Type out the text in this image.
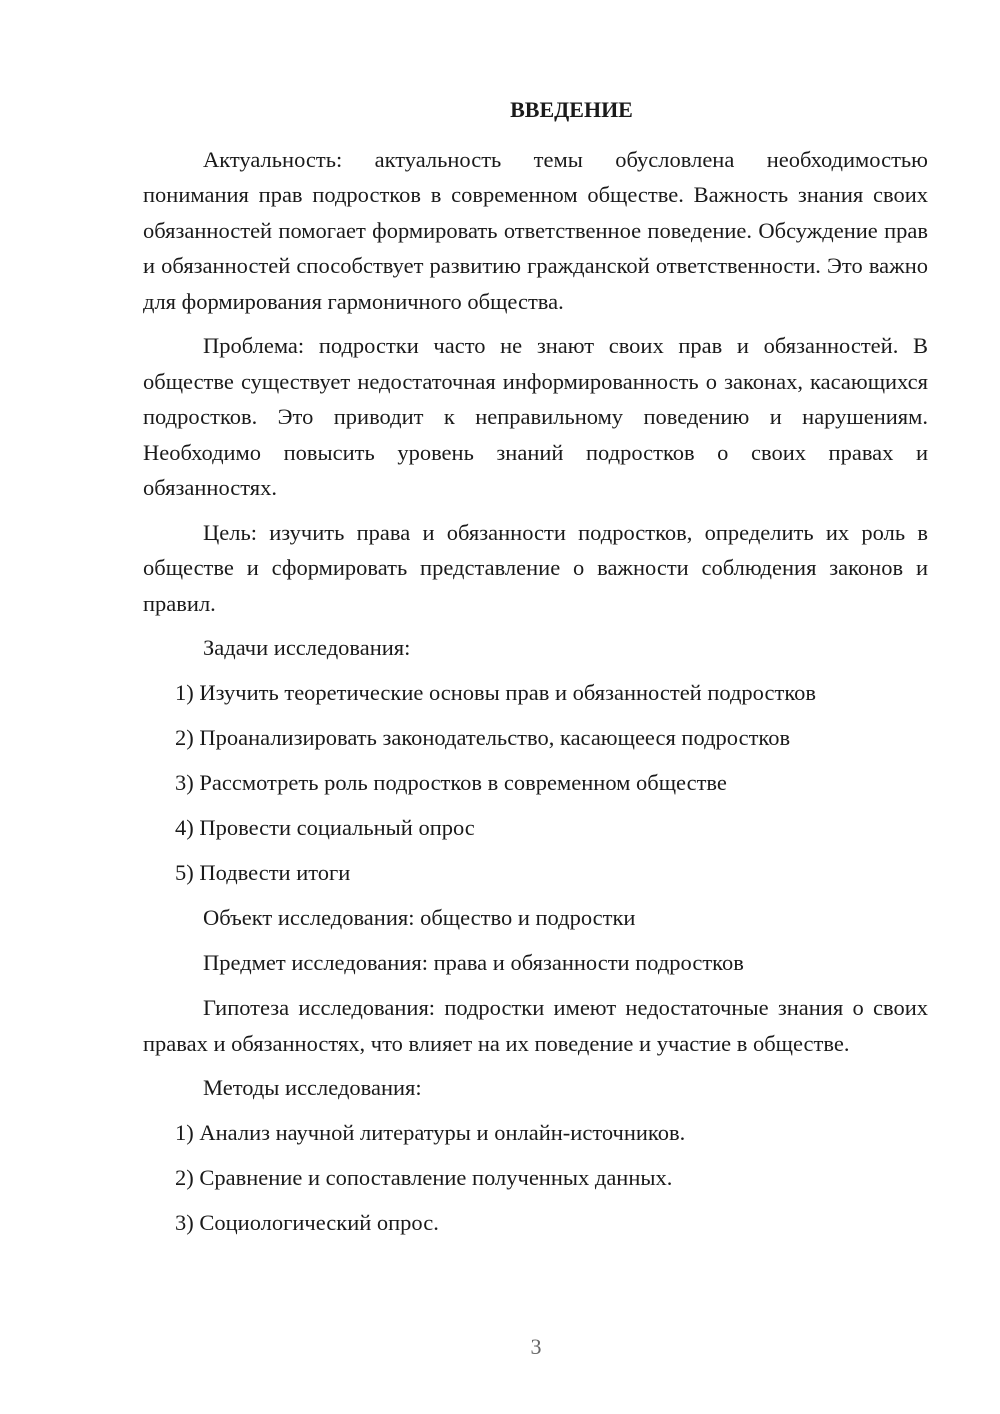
ВВЕДЕНИЕ

Актуальность: актуальность темы обусловлена необходимостью понимания прав подростков в современном обществе. Важность знания своих обязанностей помогает формировать ответственное поведение. Обсуждение прав и обязанностей способствует развитию гражданской ответственности. Это важно для формирования гармоничного общества.

Проблема: подростки часто не знают своих прав и обязанностей. В обществе существует недостаточная информированность о законах, касающихся подростков. Это приводит к неправильному поведению и нарушениям. Необходимо повысить уровень знаний подростков о своих правах и обязанностях.

Цель: изучить права и обязанности подростков, определить их роль в обществе и сформировать представление о важности соблюдения законов и правил.

Задачи исследования:

1) Изучить теоретические основы прав и обязанностей подростков

2) Проанализировать законодательство, касающееся подростков

3) Рассмотреть роль подростков в современном обществе

4) Провести социальный опрос

5) Подвести итоги

Объект исследования: общество и подростки

Предмет исследования: права и обязанности подростков

Гипотеза исследования: подростки имеют недостаточные знания о своих правах и обязанностях, что влияет на их поведение и участие в обществе.

Методы исследования:

1) Анализ научной литературы и онлайн-источников.

2) Сравнение и сопоставление полученных данных.

3) Социологический опрос.

3
